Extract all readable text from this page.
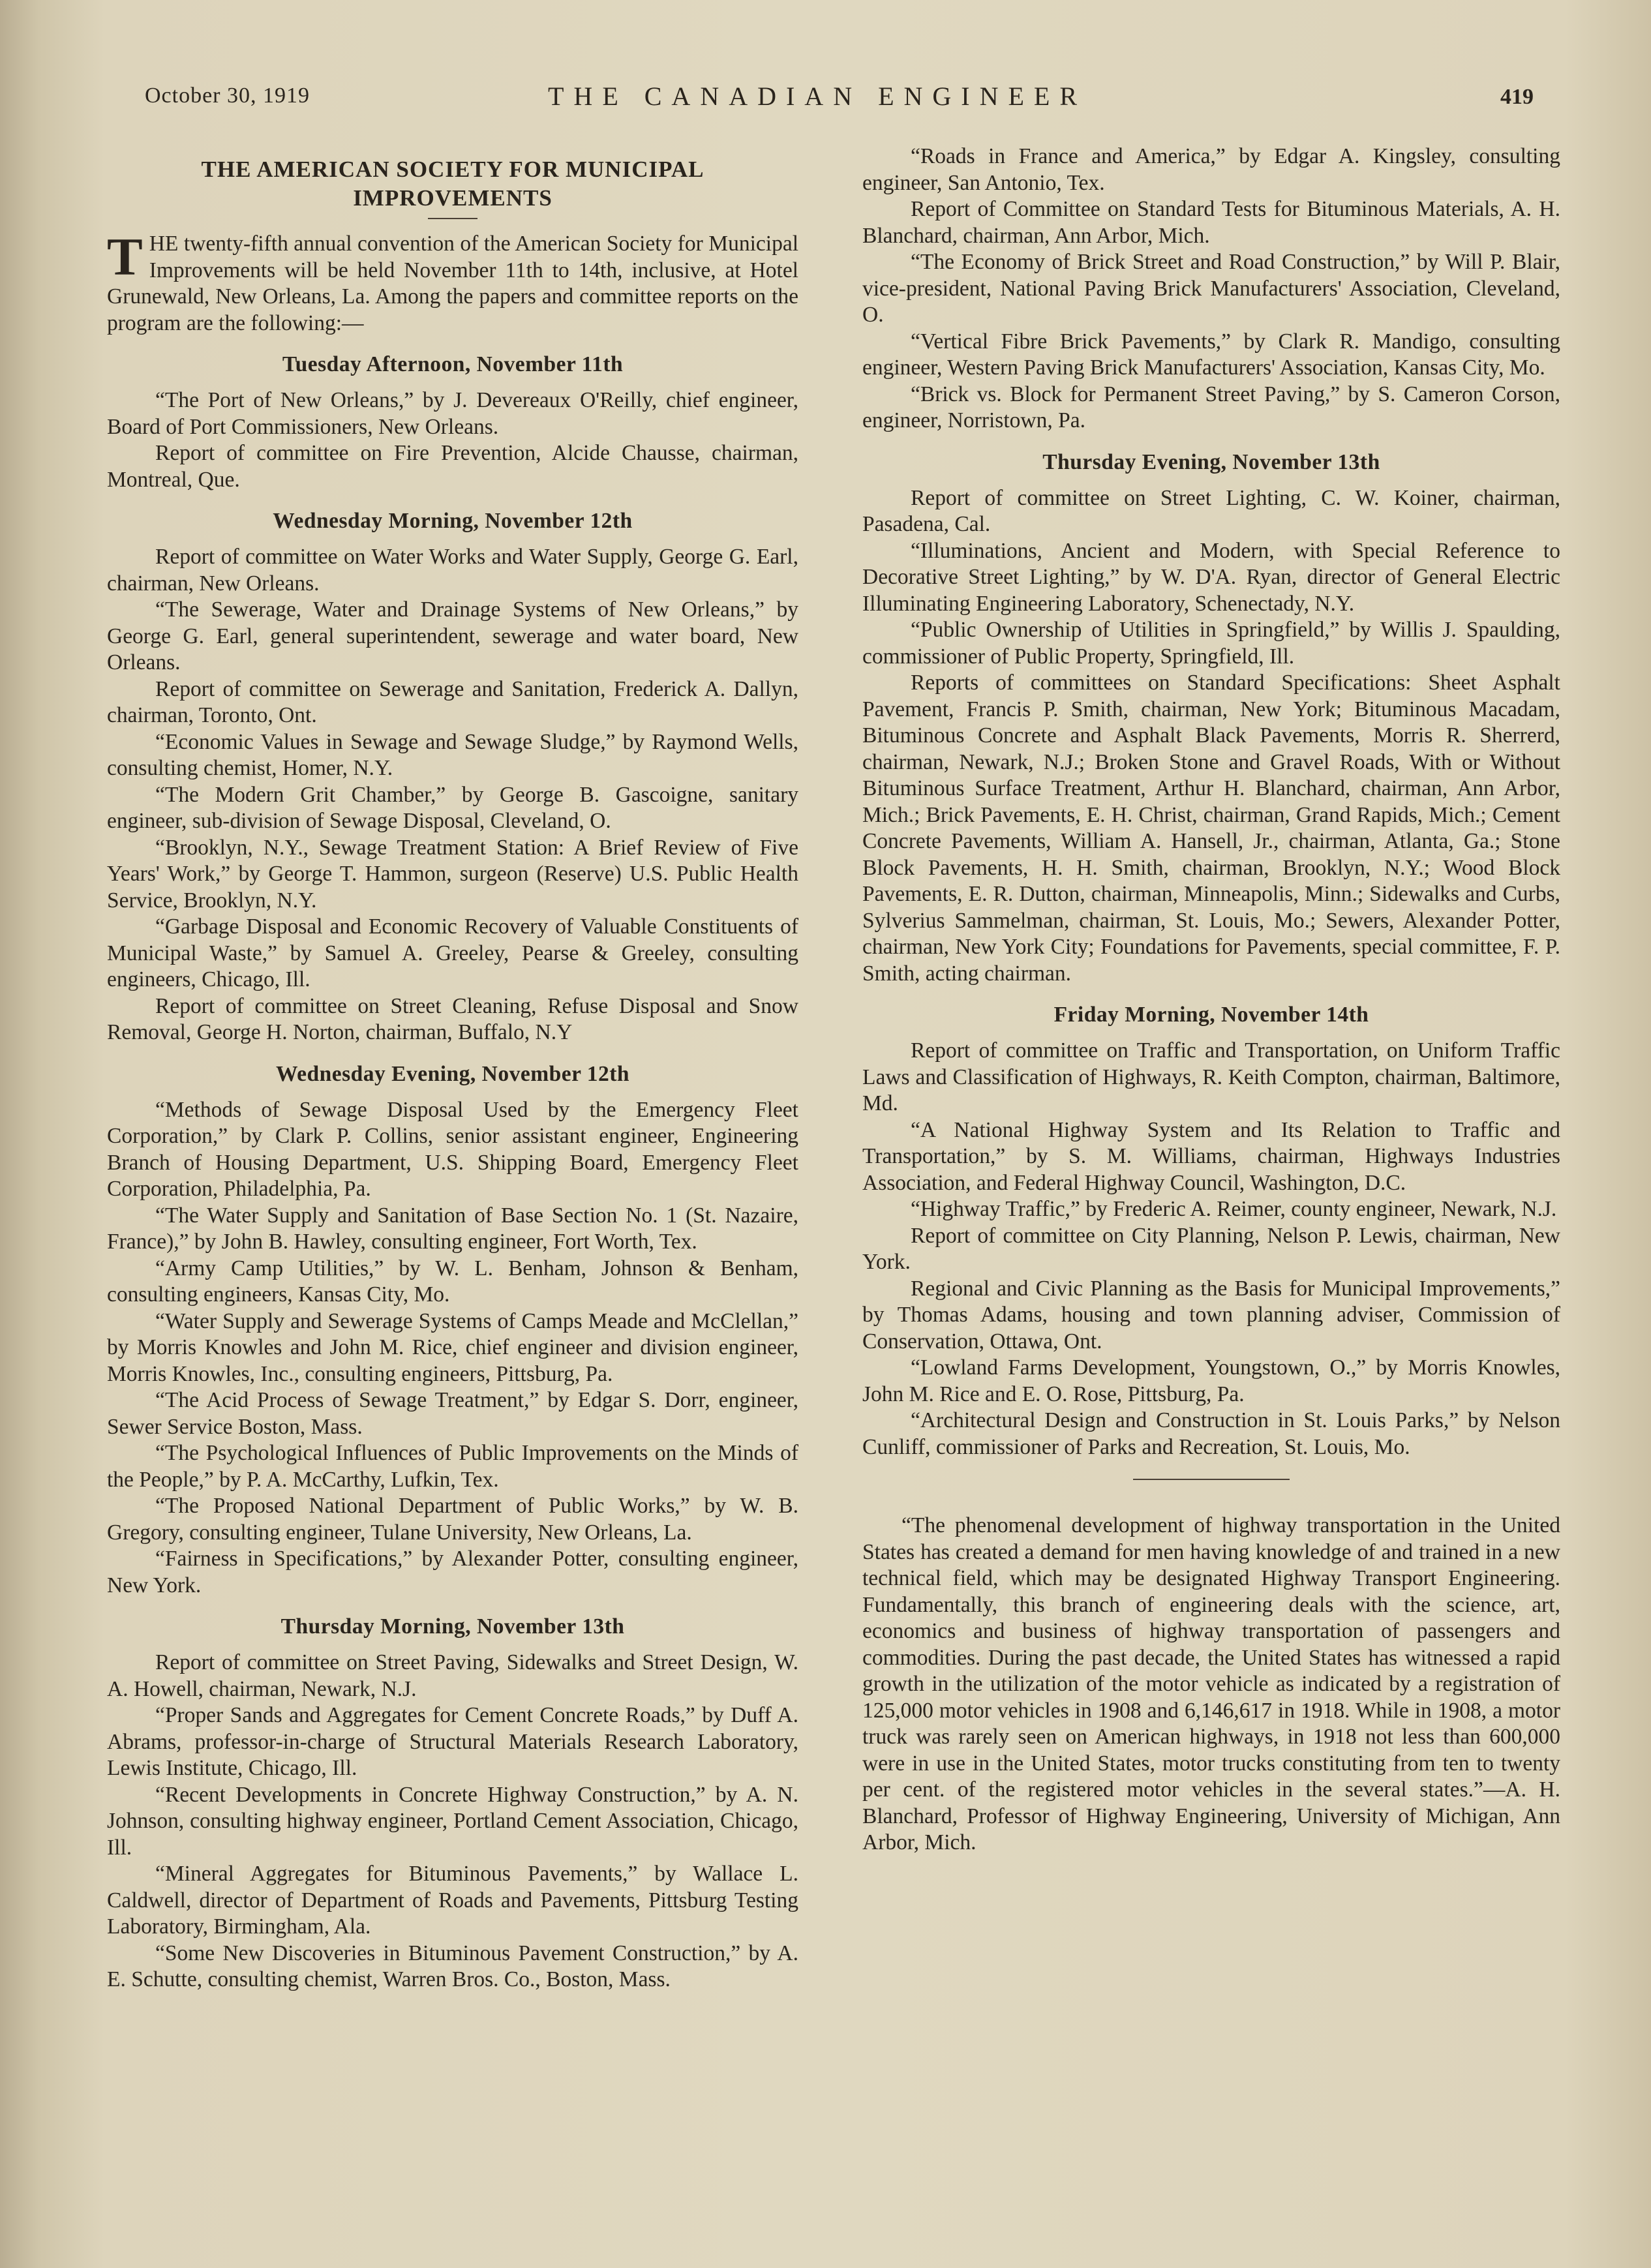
October 30, 1919	THE CANADIAN ENGINEER	419
THE AMERICAN SOCIETY FOR MUNICIPAL IMPROVEMENTS

THE twenty-fifth annual convention of the American Society for Municipal Improvements will be held November 11th to 14th, inclusive, at Hotel Grunewald, New Orleans, La. Among the papers and committee reports on the program are the following:—

Tuesday Afternoon, November 11th

“The Port of New Orleans,” by J. Devereaux O'Reilly, chief engineer, Board of Port Commissioners, New Orleans.

Report of committee on Fire Prevention, Alcide Chausse, chairman, Montreal, Que.

Wednesday Morning, November 12th

Report of committee on Water Works and Water Supply, George G. Earl, chairman, New Orleans.

“The Sewerage, Water and Drainage Systems of New Orleans,” by George G. Earl, general superintendent, sewerage and water board, New Orleans.

Report of committee on Sewerage and Sanitation, Frederick A. Dallyn, chairman, Toronto, Ont.

“Economic Values in Sewage and Sewage Sludge,” by Raymond Wells, consulting chemist, Homer, N.Y.

“The Modern Grit Chamber,” by George B. Gascoigne, sanitary engineer, sub-division of Sewage Disposal, Cleveland, O.

“Brooklyn, N.Y., Sewage Treatment Station: A Brief Review of Five Years' Work,” by George T. Hammon, surgeon (Reserve) U.S. Public Health Service, Brooklyn, N.Y.

“Garbage Disposal and Economic Recovery of Valuable Constituents of Municipal Waste,” by Samuel A. Greeley, Pearse & Greeley, consulting engineers, Chicago, Ill.

Report of committee on Street Cleaning, Refuse Disposal and Snow Removal, George H. Norton, chairman, Buffalo, N.Y

Wednesday Evening, November 12th

“Methods of Sewage Disposal Used by the Emergency Fleet Corporation,” by Clark P. Collins, senior assistant engineer, Engineering Branch of Housing Department, U.S. Shipping Board, Emergency Fleet Corporation, Philadelphia, Pa.

“The Water Supply and Sanitation of Base Section No. 1 (St. Nazaire, France),” by John B. Hawley, consulting engineer, Fort Worth, Tex.

“Army Camp Utilities,” by W. L. Benham, Johnson & Benham, consulting engineers, Kansas City, Mo.

“Water Supply and Sewerage Systems of Camps Meade and McClellan,” by Morris Knowles and John M. Rice, chief engineer and division engineer, Morris Knowles, Inc., consulting engineers, Pittsburg, Pa.

“The Acid Process of Sewage Treatment,” by Edgar S. Dorr, engineer, Sewer Service Boston, Mass.

“The Psychological Influences of Public Improvements on the Minds of the People,” by P. A. McCarthy, Lufkin, Tex.

“The Proposed National Department of Public Works,” by W. B. Gregory, consulting engineer, Tulane University, New Orleans, La.

“Fairness in Specifications,” by Alexander Potter, consulting engineer, New York.

Thursday Morning, November 13th

Report of committee on Street Paving, Sidewalks and Street Design, W. A. Howell, chairman, Newark, N.J.

“Proper Sands and Aggregates for Cement Concrete Roads,” by Duff A. Abrams, professor-in-charge of Structural Materials Research Laboratory, Lewis Institute, Chicago, Ill.

“Recent Developments in Concrete Highway Construction,” by A. N. Johnson, consulting highway engineer, Portland Cement Association, Chicago, Ill.

“Mineral Aggregates for Bituminous Pavements,” by Wallace L. Caldwell, director of Department of Roads and Pavements, Pittsburg Testing Laboratory, Birmingham, Ala.

“Some New Discoveries in Bituminous Pavement Construction,” by A. E. Schutte, consulting chemist, Warren Bros. Co., Boston, Mass.

“Roads in France and America,” by Edgar A. Kingsley, consulting engineer, San Antonio, Tex.

Report of Committee on Standard Tests for Bituminous Materials, A. H. Blanchard, chairman, Ann Arbor, Mich.

“The Economy of Brick Street and Road Construction,” by Will P. Blair, vice-president, National Paving Brick Manufacturers' Association, Cleveland, O.

“Vertical Fibre Brick Pavements,” by Clark R. Mandigo, consulting engineer, Western Paving Brick Manufacturers' Association, Kansas City, Mo.

“Brick vs. Block for Permanent Street Paving,” by S. Cameron Corson, engineer, Norristown, Pa.

Thursday Evening, November 13th

Report of committee on Street Lighting, C. W. Koiner, chairman, Pasadena, Cal.

“Illuminations, Ancient and Modern, with Special Reference to Decorative Street Lighting,” by W. D'A. Ryan, director of General Electric Illuminating Engineering Laboratory, Schenectady, N.Y.

“Public Ownership of Utilities in Springfield,” by Willis J. Spaulding, commissioner of Public Property, Springfield, Ill.

Reports of committees on Standard Specifications: Sheet Asphalt Pavement, Francis P. Smith, chairman, New York; Bituminous Macadam, Bituminous Concrete and Asphalt Black Pavements, Morris R. Sherrerd, chairman, Newark, N.J.; Broken Stone and Gravel Roads, With or Without Bituminous Surface Treatment, Arthur H. Blanchard, chairman, Ann Arbor, Mich.; Brick Pavements, E. H. Christ, chairman, Grand Rapids, Mich.; Cement Concrete Pavements, William A. Hansell, Jr., chairman, Atlanta, Ga.; Stone Block Pavements, H. H. Smith, chairman, Brooklyn, N.Y.; Wood Block Pavements, E. R. Dutton, chairman, Minneapolis, Minn.; Sidewalks and Curbs, Sylverius Sammelman, chairman, St. Louis, Mo.; Sewers, Alexander Potter, chairman, New York City; Foundations for Pavements, special committee, F. P. Smith, acting chairman.

Friday Morning, November 14th

Report of committee on Traffic and Transportation, on Uniform Traffic Laws and Classification of Highways, R. Keith Compton, chairman, Baltimore, Md.

“A National Highway System and Its Relation to Traffic and Transportation,” by S. M. Williams, chairman, Highways Industries Association, and Federal Highway Council, Washington, D.C.

“Highway Traffic,” by Frederic A. Reimer, county engineer, Newark, N.J.

Report of committee on City Planning, Nelson P. Lewis, chairman, New York.

Regional and Civic Planning as the Basis for Municipal Improvements,” by Thomas Adams, housing and town planning adviser, Commission of Conservation, Ottawa, Ont.

“Lowland Farms Development, Youngstown, O.,” by Morris Knowles, John M. Rice and E. O. Rose, Pittsburg, Pa.

“Architectural Design and Construction in St. Louis Parks,” by Nelson Cunliff, commissioner of Parks and Recreation, St. Louis, Mo.

“The phenomenal development of highway transportation in the United States has created a demand for men having knowledge of and trained in a new technical field, which may be designated Highway Transport Engineering. Fundamentally, this branch of engineering deals with the science, art, economics and business of highway transportation of passengers and commodities. During the past decade, the United States has witnessed a rapid growth in the utilization of the motor vehicle as indicated by a registration of 125,000 motor vehicles in 1908 and 6,146,617 in 1918. While in 1908, a motor truck was rarely seen on American highways, in 1918 not less than 600,000 were in use in the United States, motor trucks constituting from ten to twenty per cent. of the registered motor vehicles in the several states.”—A. H. Blanchard, Professor of Highway Engineering, University of Michigan, Ann Arbor, Mich.
